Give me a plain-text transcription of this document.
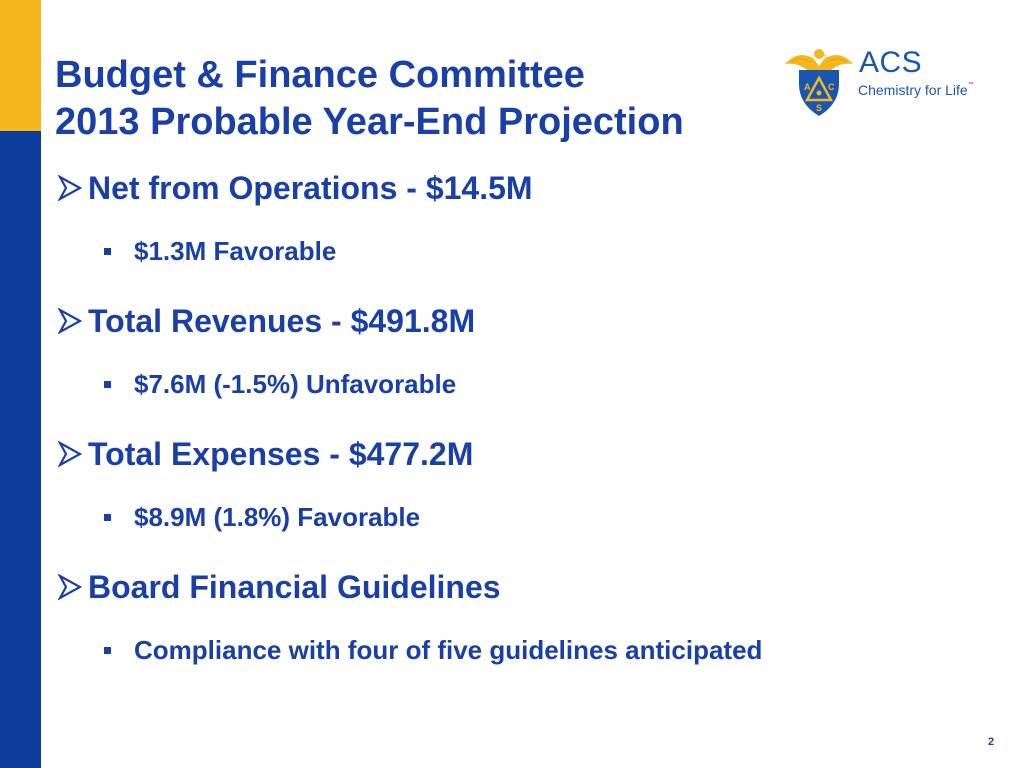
Budget & Finance Committee
2013 Probable Year-End Projection
A C
S
ACS
Chemistry for Life™
Net from Operations - $14.5M
$1.3M Favorable
Total Revenues - $491.8M
$7.6M (-1.5%) Unfavorable
Total Expenses - $477.2M
$8.9M (1.8%) Favorable
Board Financial Guidelines
Compliance with four of five guidelines anticipated
2
